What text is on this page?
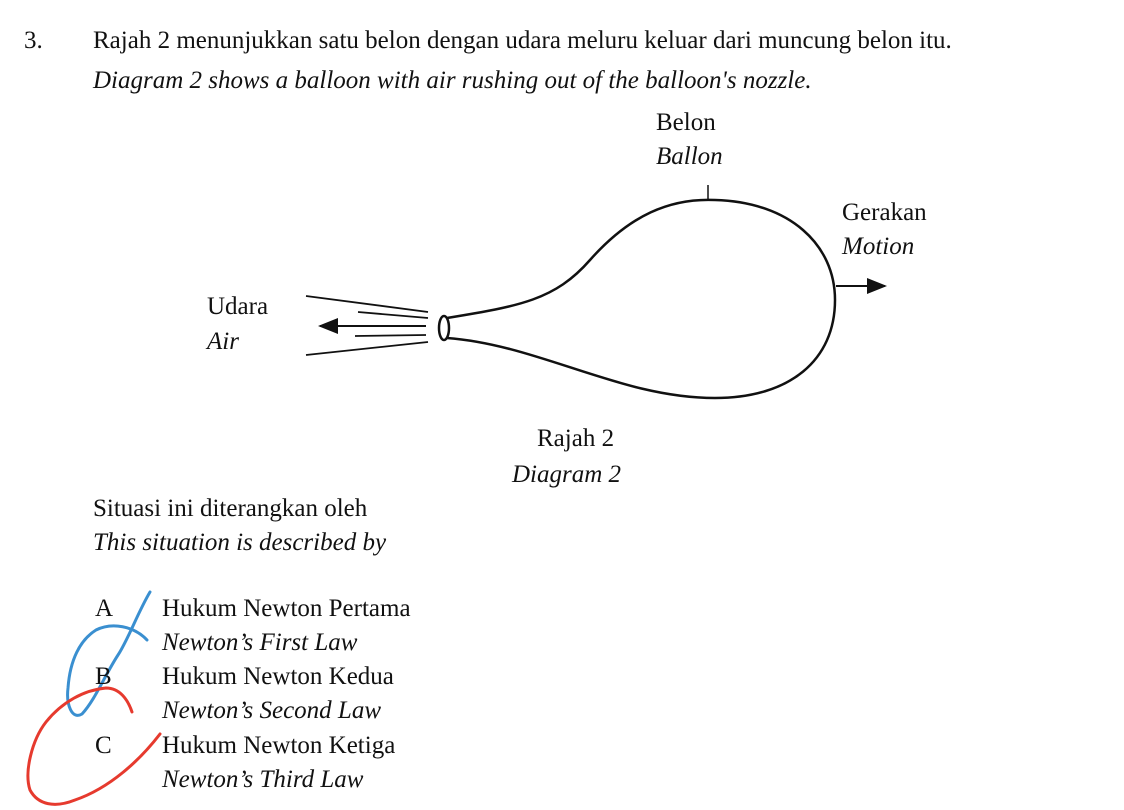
3. Rajah 2 menunjukkan satu belon dengan udara meluru keluar dari muncung belon itu.
Diagram 2 shows a balloon with air rushing out of the balloon's nozzle.
Belon
Ballon
Gerakan
Motion
Udara
Air
Rajah 2
Diagram 2
Situasi ini diterangkan oleh
This situation is described by
A Hukum Newton Pertama
Newton’s First Law
B Hukum Newton Kedua
Newton’s Second Law
C Hukum Newton Ketiga
Newton’s Third Law
